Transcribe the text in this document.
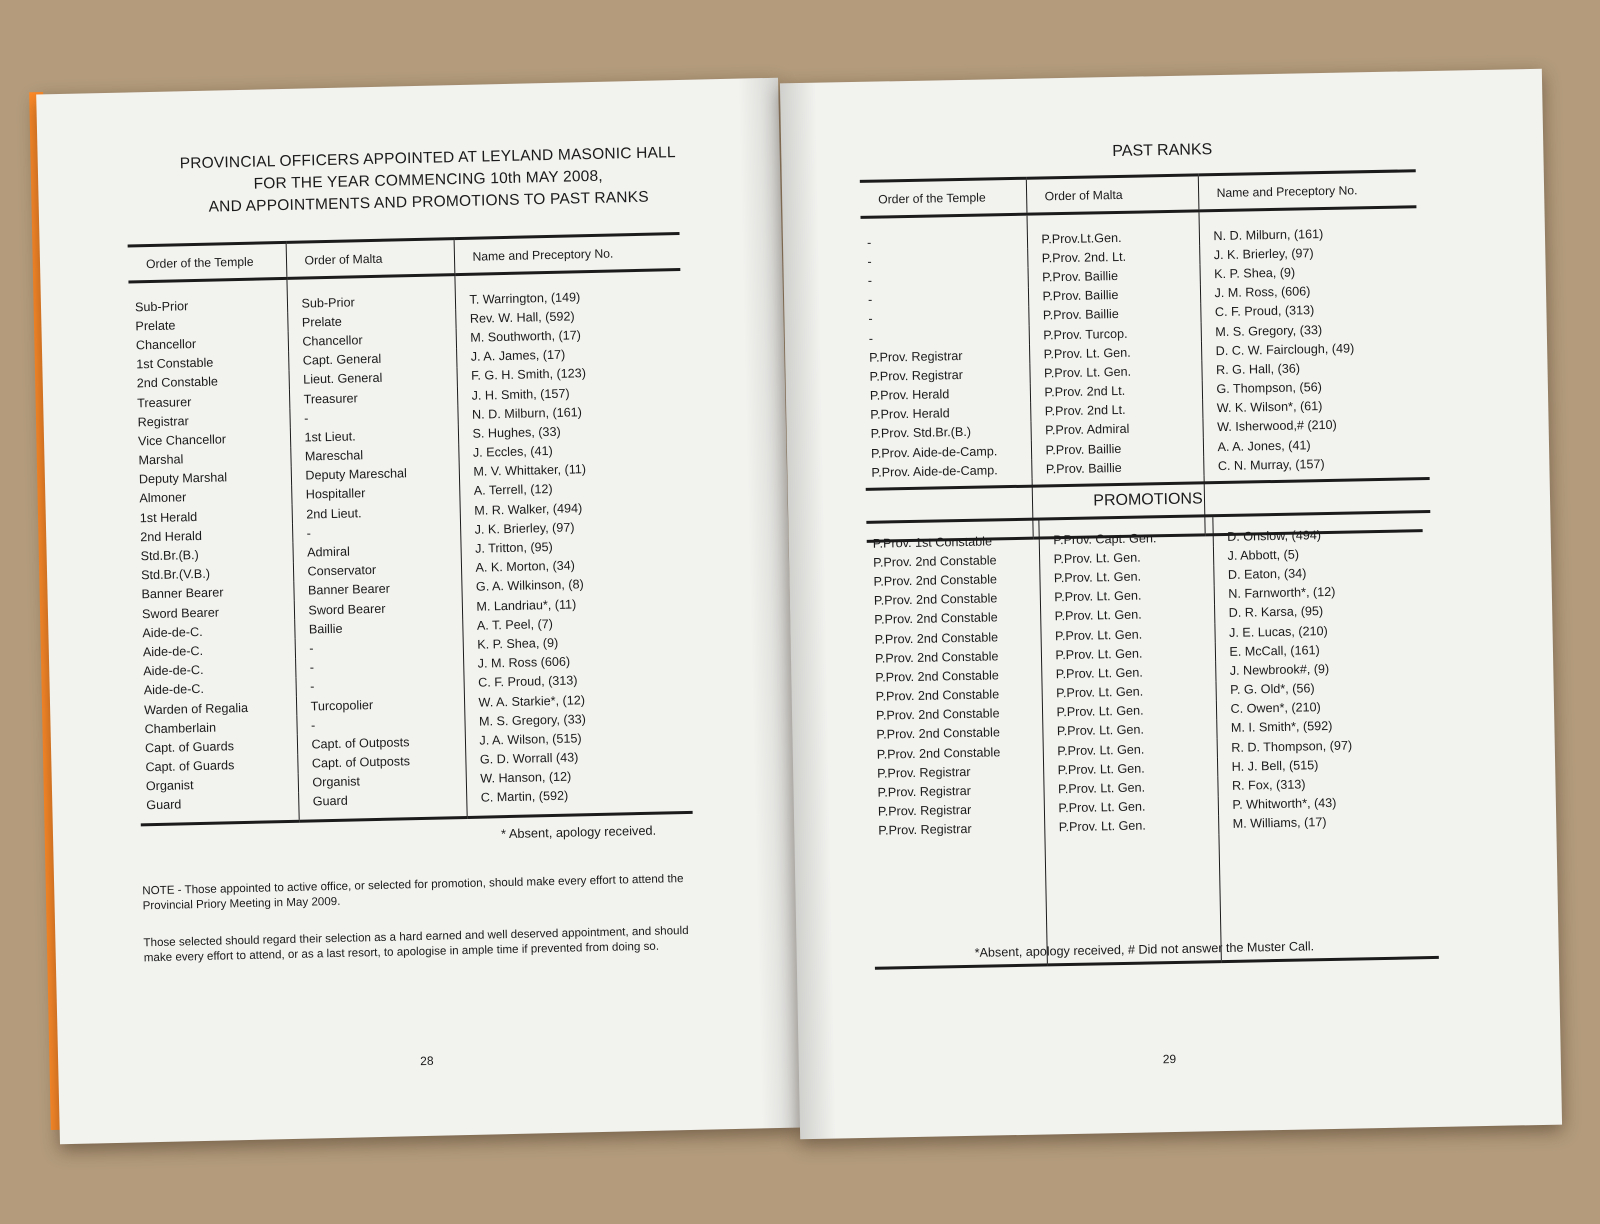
PROVINCIAL OFFICERS APPOINTED AT LEYLAND MASONIC HALL
FOR THE YEAR COMMENCING 10th MAY 2008,
AND APPOINTMENTS AND PROMOTIONS TO PAST RANKS
Order of the Temple	Order of Malta	Name and Preceptory No.
Sub-Prior	Sub-Prior	T. Warrington, (149)
Prelate	Prelate	Rev. W. Hall, (592)
Chancellor	Chancellor	M. Southworth, (17)
1st Constable	Capt. General	J. A. James, (17)
2nd Constable	Lieut. General	F. G. H. Smith, (123)
Treasurer	Treasurer	J. H. Smith, (157)
Registrar	-	N. D. Milburn, (161)
Vice Chancellor	1st Lieut.	S. Hughes, (33)
Marshal	Mareschal	J. Eccles, (41)
Deputy Marshal	Deputy Mareschal	M. V. Whittaker, (11)
Almoner	Hospitaller	A. Terrell, (12)
1st Herald	2nd Lieut.	M. R. Walker, (494)
2nd Herald	-	J. K. Brierley, (97)
Std.Br.(B.)	Admiral	J. Tritton, (95)
Std.Br.(V.B.)	Conservator	A. K. Morton, (34)
Banner Bearer	Banner Bearer	G. A. Wilkinson, (8)
Sword Bearer	Sword Bearer	M. Landriau*, (11)
Aide-de-C.	Baillie	A. T. Peel, (7)
Aide-de-C.	-	K. P. Shea, (9)
Aide-de-C.	-	J. M. Ross (606)
Aide-de-C.	-	C. F. Proud, (313)
Warden of Regalia	Turcopolier	W. A. Starkie*, (12)
Chamberlain	-	M. S. Gregory, (33)
Capt. of Guards	Capt. of Outposts	J. A. Wilson, (515)
Capt. of Guards	Capt. of Outposts	G. D. Worrall (43)
Organist	Organist	W. Hanson, (12)
Guard	Guard	C. Martin, (592)
* Absent, apology received.

NOTE - Those appointed to active office, or selected for promotion, should make every effort to attend the Provincial Priory Meeting in May 2009.

Those selected should regard their selection as a hard earned and well deserved appointment, and should make every effort to attend, or as a last resort, to apologise in ample time if prevented from doing so.

28
PAST RANKS
Order of the Temple	Order of Malta	Name and Preceptory No.
-	P.Prov.Lt.Gen.	N. D. Milburn, (161)
-	P.Prov. 2nd. Lt.	J. K. Brierley, (97)
-	P.Prov. Baillie	K. P. Shea, (9)
-	P.Prov. Baillie	J. M. Ross, (606)
-	P.Prov. Baillie	C. F. Proud, (313)
-	P.Prov. Turcop.	M. S. Gregory, (33)
P.Prov. Registrar	P.Prov. Lt. Gen.	D. C. W. Fairclough, (49)
P.Prov. Registrar	P.Prov. Lt. Gen.	R. G. Hall, (36)
P.Prov. Herald	P.Prov. 2nd Lt.	G. Thompson, (56)
P.Prov. Herald	P.Prov. 2nd Lt.	W. K. Wilson*, (61)
P.Prov. Std.Br.(B.)	P.Prov. Admiral	W. Isherwood,# (210)
P.Prov. Aide-de-Camp.	P.Prov. Baillie	A. A. Jones, (41)
P.Prov. Aide-de-Camp.	P.Prov. Baillie	C. N. Murray, (157)

PROMOTIONS
P.Prov. 1st Constable	P.Prov. Capt. Gen.	D. Onslow, (494)
P.Prov. 2nd Constable	P.Prov. Lt. Gen.	J. Abbott, (5)
P.Prov. 2nd Constable	P.Prov. Lt. Gen.	D. Eaton, (34)
P.Prov. 2nd Constable	P.Prov. Lt. Gen.	N. Farnworth*, (12)
P.Prov. 2nd Constable	P.Prov. Lt. Gen.	D. R. Karsa, (95)
P.Prov. 2nd Constable	P.Prov. Lt. Gen.	J. E. Lucas, (210)
P.Prov. 2nd Constable	P.Prov. Lt. Gen.	E. McCall, (161)
P.Prov. 2nd Constable	P.Prov. Lt. Gen.	J. Newbrook#, (9)
P.Prov. 2nd Constable	P.Prov. Lt. Gen.	P. G. Old*, (56)
P.Prov. 2nd Constable	P.Prov. Lt. Gen.	C. Owen*, (210)
P.Prov. 2nd Constable	P.Prov. Lt. Gen.	M. I. Smith*, (592)
P.Prov. 2nd Constable	P.Prov. Lt. Gen.	R. D. Thompson, (97)
P.Prov. Registrar	P.Prov. Lt. Gen.	H. J. Bell, (515)
P.Prov. Registrar	P.Prov. Lt. Gen.	R. Fox, (313)
P.Prov. Registrar	P.Prov. Lt. Gen.	P. Whitworth*, (43)
P.Prov. Registrar	P.Prov. Lt. Gen.	M. Williams, (17)

*Absent, apology received, # Did not answer the Muster Call.
29
